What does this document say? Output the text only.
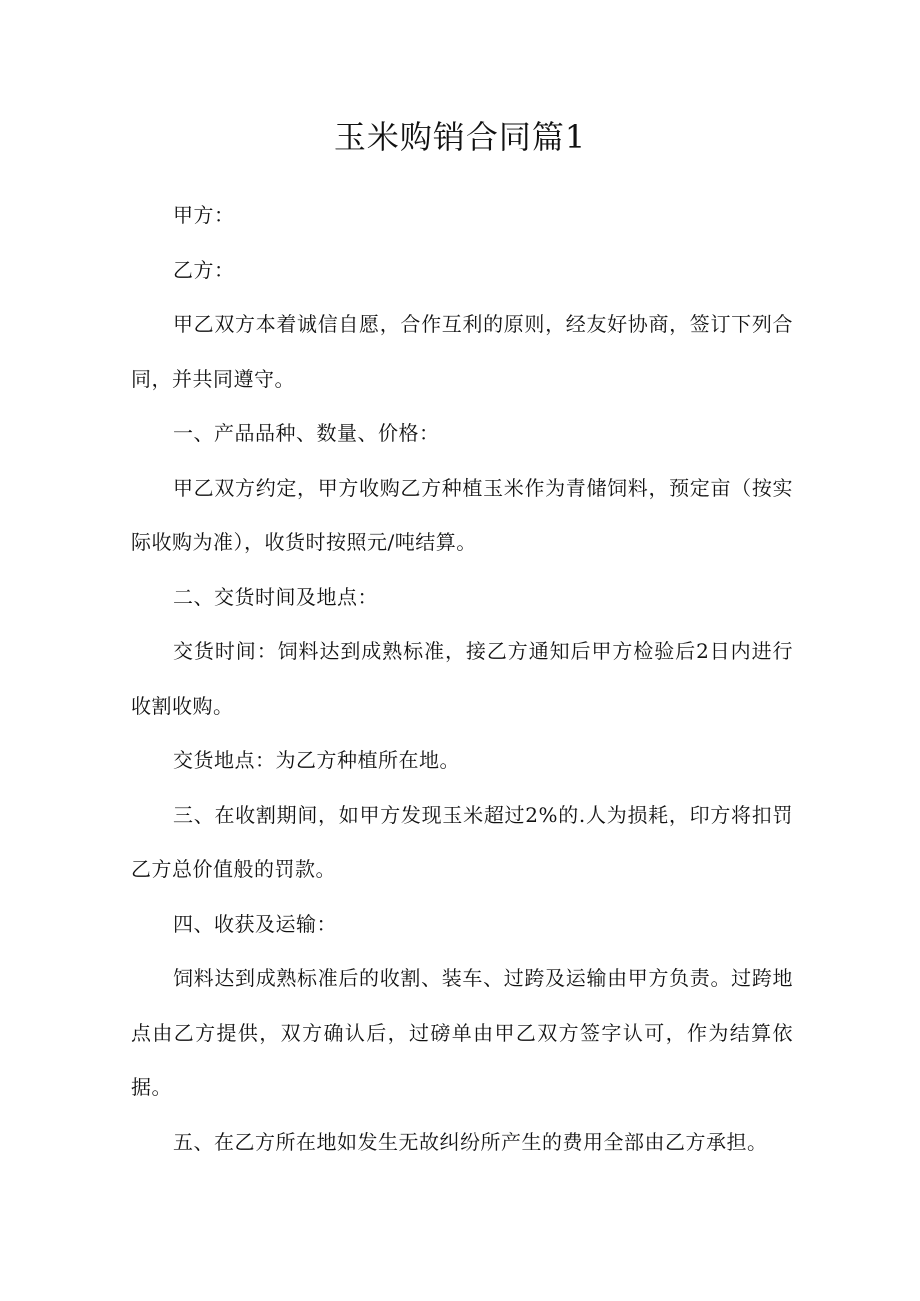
玉米购销合同篇1

甲方：

乙方：

甲乙双方本着诚信自愿，合作互利的原则，经友好协商，签订下列合同，并共同遵守。

一、产品品种、数量、价格：

甲乙双方约定，甲方收购乙方种植玉米作为青储饲料，预定亩（按实际收购为准），收货时按照元/吨结算。

二、交货时间及地点：

交货时间：饲料达到成熟标准，接乙方通知后甲方检验后2日内进行收割收购。

交货地点：为乙方种植所在地。

三、在收割期间，如甲方发现玉米超过2%的.人为损耗，印方将扣罚乙方总价值般的罚款。

四、收获及运输：

饲料达到成熟标准后的收割、装车、过跨及运输由甲方负责。过跨地点由乙方提供，双方确认后，过磅单由甲乙双方签字认可，作为结算依据。

五、在乙方所在地如发生无故纠纷所产生的费用全部由乙方承担。
